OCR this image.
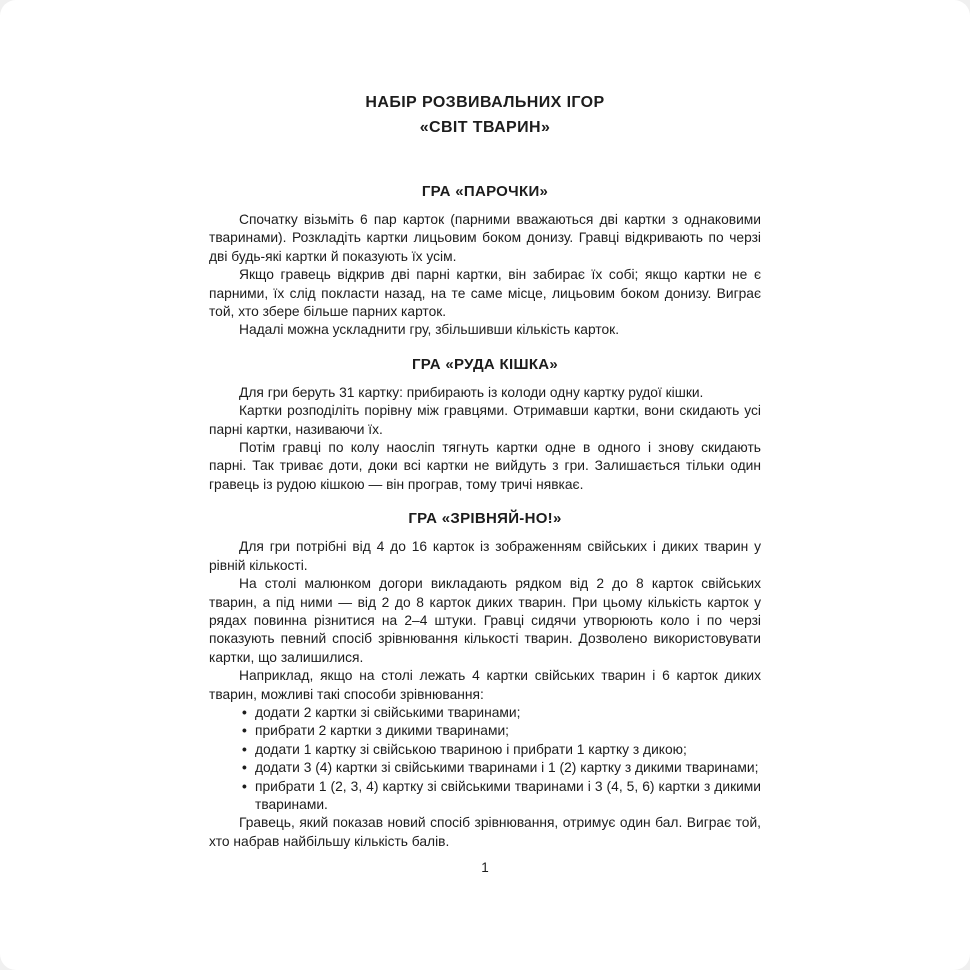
НАБІР РОЗВИВАЛЬНИХ ІГОР
«СВІТ ТВАРИН»
ГРА «ПАРОЧКИ»

Спочатку візьміть 6 пар карток (парними вважаються дві картки з однаковими тваринами). Розкладіть картки лицьовим боком донизу. Гравці відкривають по черзі дві будь-які картки й показують їх усім.

Якщо гравець відкрив дві парні картки, він забирає їх собі; якщо картки не є парними, їх слід покласти назад, на те саме місце, лицьовим боком донизу. Виграє той, хто збере більше парних карток.

Надалі можна ускладнити гру, збільшивши кількість карток.

ГРА «РУДА КІШКА»

Для гри беруть 31 картку: прибирають із колоди одну картку рудої кішки.

Картки розподіліть порівну між гравцями. Отримавши картки, вони скидають усі парні картки, називаючи їх.

Потім гравці по колу наосліп тягнуть картки одне в одного і знову скидають парні. Так триває доти, доки всі картки не вийдуть з гри. Залишається тільки один гравець із рудою кішкою — він програв, тому тричі нявкає.

ГРА «ЗРІВНЯЙ-НО!»

Для гри потрібні від 4 до 16 карток із зображенням свійських і диких тварин у рівній кількості.

На столі малюнком догори викладають рядком від 2 до 8 карток свійських тварин, а під ними — від 2 до 8 карток диких тварин. При цьому кількість карток у рядах повинна різнитися на 2–4 штуки. Гравці сидячи утворюють коло і по черзі показують певний спосіб зрівнювання кількості тварин. Дозволено використовувати картки, що залишилися.

Наприклад, якщо на столі лежать 4 картки свійських тварин і 6 карток диких тварин, можливі такі способи зрівнювання:

• додати 2 картки зі свійськими тваринами;
• прибрати 2 картки з дикими тваринами;
• додати 1 картку зі свійською твариною і прибрати 1 картку з дикою;
• додати 3 (4) картки зі свійськими тваринами і 1 (2) картку з дикими тваринами;
• прибрати 1 (2, 3, 4) картку зі свійськими тваринами і 3 (4, 5, 6) картки з дикими тваринами.

Гравець, який показав новий спосіб зрівнювання, отримує один бал. Виграє той, хто набрав найбільшу кількість балів.

1
